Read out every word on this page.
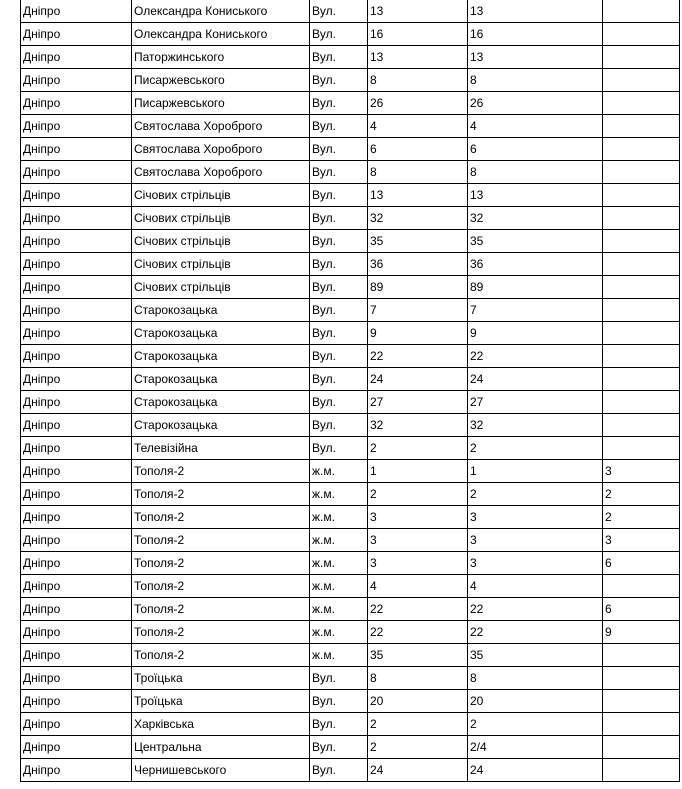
Дніпро	Олександра Кониського	Вул.	13	13	
Дніпро	Олександра Кониського	Вул.	16	16	
Дніпро	Паторжинського	Вул.	13	13	
Дніпро	Писаржевського	Вул.	8	8	
Дніпро	Писаржевського	Вул.	26	26	
Дніпро	Святослава Хороброго	Вул.	4	4	
Дніпро	Святослава Хороброго	Вул.	6	6	
Дніпро	Святослава Хороброго	Вул.	8	8	
Дніпро	Січових стрільців	Вул.	13	13	
Дніпро	Січових стрільців	Вул.	32	32	
Дніпро	Січових стрільців	Вул.	35	35	
Дніпро	Січових стрільців	Вул.	36	36	
Дніпро	Січових стрільців	Вул.	89	89	
Дніпро	Старокозацька	Вул.	7	7	
Дніпро	Старокозацька	Вул.	9	9	
Дніпро	Старокозацька	Вул.	22	22	
Дніпро	Старокозацька	Вул.	24	24	
Дніпро	Старокозацька	Вул.	27	27	
Дніпро	Старокозацька	Вул.	32	32	
Дніпро	Телевізійна	Вул.	2	2	
Дніпро	Тополя-2	ж.м.	1	1	3
Дніпро	Тополя-2	ж.м.	2	2	2
Дніпро	Тополя-2	ж.м.	3	3	2
Дніпро	Тополя-2	ж.м.	3	3	3
Дніпро	Тополя-2	ж.м.	3	3	6
Дніпро	Тополя-2	ж.м.	4	4	
Дніпро	Тополя-2	ж.м.	22	22	6
Дніпро	Тополя-2	ж.м.	22	22	9
Дніпро	Тополя-2	ж.м.	35	35	
Дніпро	Троїцька	Вул.	8	8	
Дніпро	Троїцька	Вул.	20	20	
Дніпро	Харківська	Вул.	2	2	
Дніпро	Центральна	Вул.	2	2/4	
Дніпро	Чернишевського	Вул.	24	24	
